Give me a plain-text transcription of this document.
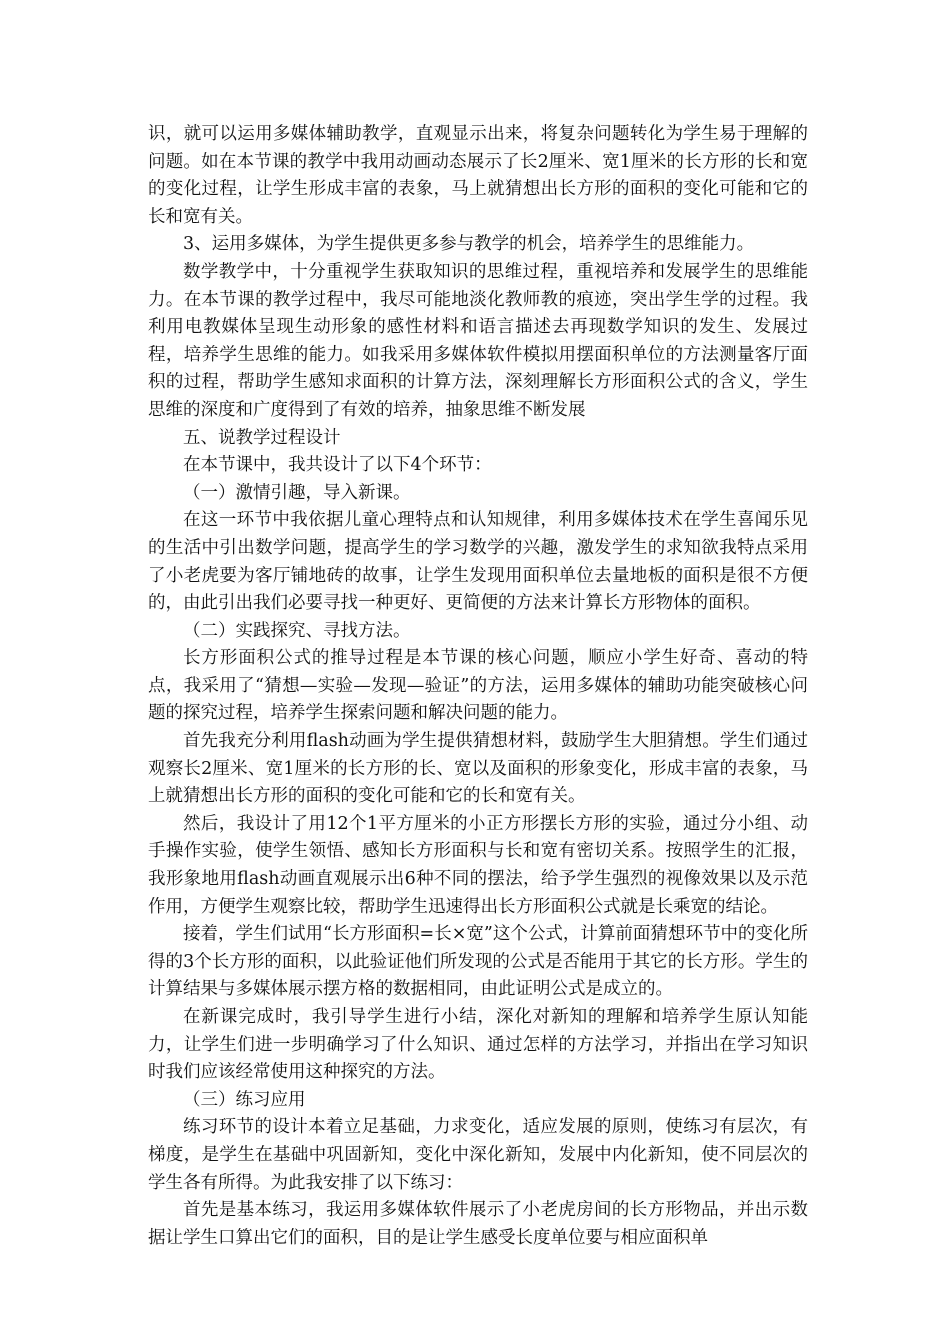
识，就可以运用多媒体辅助教学，直观显示出来，将复杂问题转化为学生易于理解的问题。如在本节课的教学中我用动画动态展示了长2厘米、宽1厘米的长方形的长和宽的变化过程，让学生形成丰富的表象，马上就猜想出长方形的面积的变化可能和它的长和宽有关。

3、运用多媒体，为学生提供更多参与教学的机会，培养学生的思维能力。

数学教学中，十分重视学生获取知识的思维过程，重视培养和发展学生的思维能力。在本节课的教学过程中，我尽可能地淡化教师教的痕迹，突出学生学的过程。我利用电教媒体呈现生动形象的感性材料和语言描述去再现数学知识的发生、发展过程，培养学生思维的能力。如我采用多媒体软件模拟用摆面积单位的方法测量客厅面积的过程，帮助学生感知求面积的计算方法，深刻理解长方形面积公式的含义，学生思维的深度和广度得到了有效的培养，抽象思维不断发展

五、说教学过程设计

在本节课中，我共设计了以下4个环节：

（一）激情引趣，导入新课。

在这一环节中我依据儿童心理特点和认知规律，利用多媒体技术在学生喜闻乐见的生活中引出数学问题，提高学生的学习数学的兴趣，激发学生的求知欲我特点采用了小老虎要为客厅铺地砖的故事，让学生发现用面积单位去量地板的面积是很不方便的，由此引出我们必要寻找一种更好、更简便的方法来计算长方形物体的面积。

（二）实践探究、寻找方法。

长方形面积公式的推导过程是本节课的核心问题，顺应小学生好奇、喜动的特点，我采用了“猜想—实验—发现—验证”的方法，运用多媒体的辅助功能突破核心问题的探究过程，培养学生探索问题和解决问题的能力。

首先我充分利用flash动画为学生提供猜想材料，鼓励学生大胆猜想。学生们通过观察长2厘米、宽1厘米的长方形的长、宽以及面积的形象变化，形成丰富的表象，马上就猜想出长方形的面积的变化可能和它的长和宽有关。

然后，我设计了用12个1平方厘米的小正方形摆长方形的实验，通过分小组、动手操作实验，使学生领悟、感知长方形面积与长和宽有密切关系。按照学生的汇报，我形象地用flash动画直观展示出6种不同的摆法，给予学生强烈的视像效果以及示范作用，方便学生观察比较，帮助学生迅速得出长方形面积公式就是长乘宽的结论。

接着，学生们试用“长方形面积=长×宽”这个公式，计算前面猜想环节中的变化所得的3个长方形的面积，以此验证他们所发现的公式是否能用于其它的长方形。学生的计算结果与多媒体展示摆方格的数据相同，由此证明公式是成立的。

在新课完成时，我引导学生进行小结，深化对新知的理解和培养学生原认知能力，让学生们进一步明确学习了什么知识、通过怎样的方法学习，并指出在学习知识时我们应该经常使用这种探究的方法。

（三）练习应用

练习环节的设计本着立足基础，力求变化，适应发展的原则，使练习有层次，有梯度，是学生在基础中巩固新知，变化中深化新知，发展中内化新知，使不同层次的学生各有所得。为此我安排了以下练习：

首先是基本练习，我运用多媒体软件展示了小老虎房间的长方形物品，并出示数据让学生口算出它们的面积，目的是让学生感受长度单位要与相应面积单
